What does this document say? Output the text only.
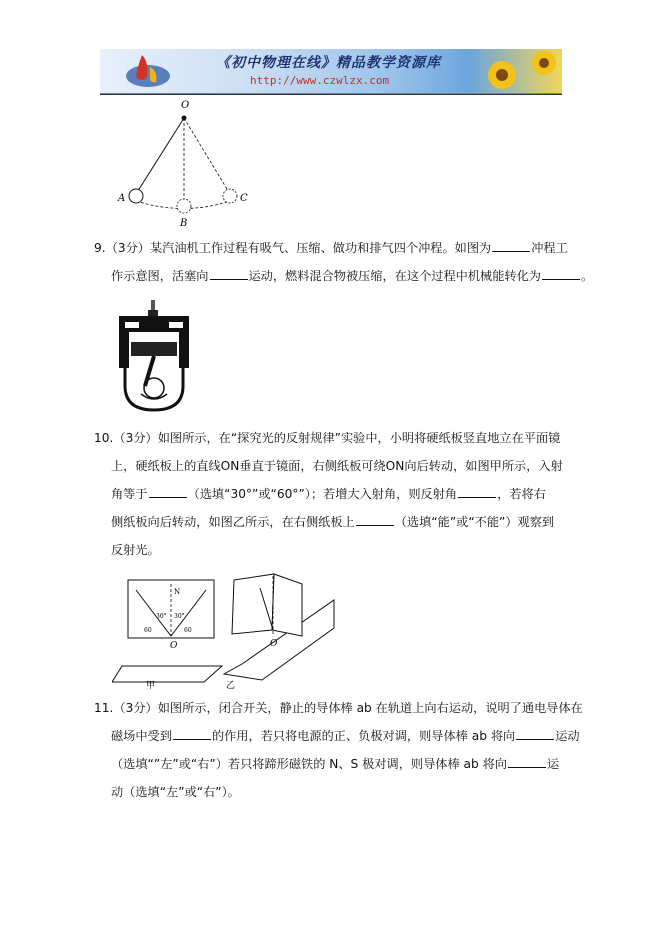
《初中物理在线》精品教学资源库
http://www.czwlzx.com
O
A
B
C
9.（3分）某汽油机工作过程有吸气、压缩、做功和排气四个冲程。如图为	冲程工
作示意图，活塞向	运动，燃料混合物被压缩，在这个过程中机械能转化为	。
10.（3分）如图所示，在“探究光的反射规律”实验中，小明将硬纸板竖直地立在平面镜
上，硬纸板上的直线ON垂直于镜面，右侧纸板可绕ON向后转动，如图甲所示，入射
角等于	（选填“30°”或“60°”）；若增大入射角，则反射角	，若将右
侧纸板向后转动，如图乙所示，在右侧纸板上	（选填“能”或“不能”）观察到
反射光。
O
N
30° 30°
60	60
甲
O
乙
11.（3分）如图所示，闭合开关，静止的导体棒 ab 在轨道上向右运动，说明了通电导体在
磁场中受到	的作用，若只将电源的正、负极对调，则导体棒 ab 将向	运动
（选填“”左”或“右”）若只将蹄形磁铁的 N、S 极对调，则导体棒 ab 将向	运
动（选填“左”或“右”）。
